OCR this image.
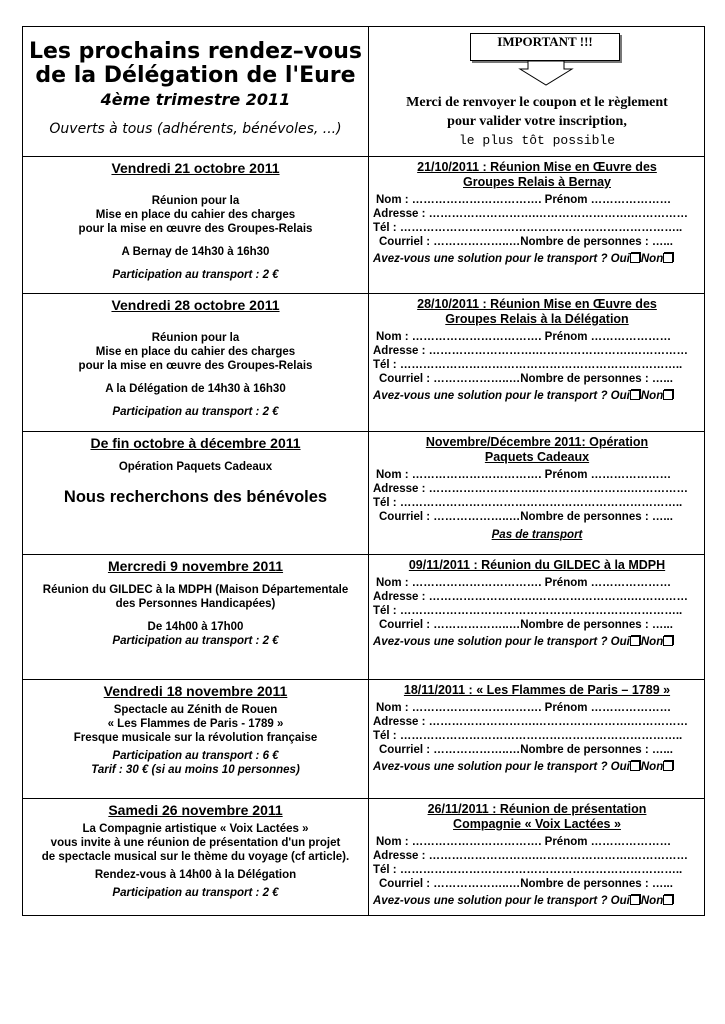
Les prochains rendez–vous
de la Délégation de l'Eure
4ème trimestre 2011
Ouverts à tous (adhérents, bénévoles, ...)
IMPORTANT !!!
Merci de renvoyer le coupon et le règlement
pour valider votre inscription,
le plus tôt possible
Vendredi 21 octobre 2011
Réunion pour la
Mise en place du cahier des charges
pour la mise en œuvre des Groupes-Relais
A Bernay de 14h30 à 16h30
Participation au transport : 2 €
21/10/2011 : Réunion Mise en Œuvre des
Groupes Relais à Bernay
Nom : ……………………………. Prénom …………………
Adresse : ……………………….…………………….……………
Tél : ………………………………………………………………..
Courriel : ………………..…Nombre de personnes : …...
Avez-vous une solution pour le transport ? Oui Non
Vendredi 28 octobre 2011
Réunion pour la
Mise en place du cahier des charges
pour la mise en œuvre des Groupes-Relais
A la Délégation de 14h30 à 16h30
Participation au transport : 2 €
28/10/2011 : Réunion Mise en Œuvre des
Groupes Relais à la Délégation
Nom : ……………………………. Prénom …………………
Adresse : ……………………….…………………….……………
Tél : ………………………………………………………………..
Courriel : ………………..…Nombre de personnes : …...
Avez-vous une solution pour le transport ? Oui Non
De fin octobre à décembre 2011
Opération Paquets Cadeaux
Nous recherchons des bénévoles
Novembre/Décembre 2011: Opération
Paquets Cadeaux
Nom : ……………………………. Prénom …………………
Adresse : ……………………….…………………….……………
Tél : ………………………………………………………………..
Courriel : ………………..…Nombre de personnes : …...
Pas de transport
Mercredi 9 novembre 2011
Réunion du GILDEC à la MDPH (Maison Départementale
des Personnes Handicapées)
De 14h00 à 17h00
Participation au transport : 2 €
09/11/2011 : Réunion du GILDEC à la MDPH
Nom : ……………………………. Prénom …………………
Adresse : ……………………….…………………….……………
Tél : ………………………………………………………………..
Courriel : ………………..…Nombre de personnes : …...
Avez-vous une solution pour le transport ? Oui Non
Vendredi 18 novembre 2011
Spectacle au Zénith de Rouen
« Les Flammes de Paris - 1789 »
Fresque musicale sur la révolution française
Participation au transport : 6 €
Tarif : 30 € (si au moins 10 personnes)
18/11/2011 : « Les Flammes de Paris – 1789 »
Nom : ……………………………. Prénom …………………
Adresse : ……………………….…………………….……………
Tél : ………………………………………………………………..
Courriel : ………………..…Nombre de personnes : …...
Avez-vous une solution pour le transport ? Oui Non
Samedi 26 novembre 2011
La Compagnie artistique « Voix Lactées »
vous invite à une réunion de présentation d'un projet
de spectacle musical sur le thème du voyage (cf article).
Rendez-vous à 14h00 à la Délégation
Participation au transport : 2 €
26/11/2011 : Réunion de présentation
Compagnie « Voix Lactées »
Nom : ……………………………. Prénom …………………
Adresse : ……………………….…………………….……………
Tél : ………………………………………………………………..
Courriel : ………………..…Nombre de personnes : …...
Avez-vous une solution pour le transport ? Oui Non
